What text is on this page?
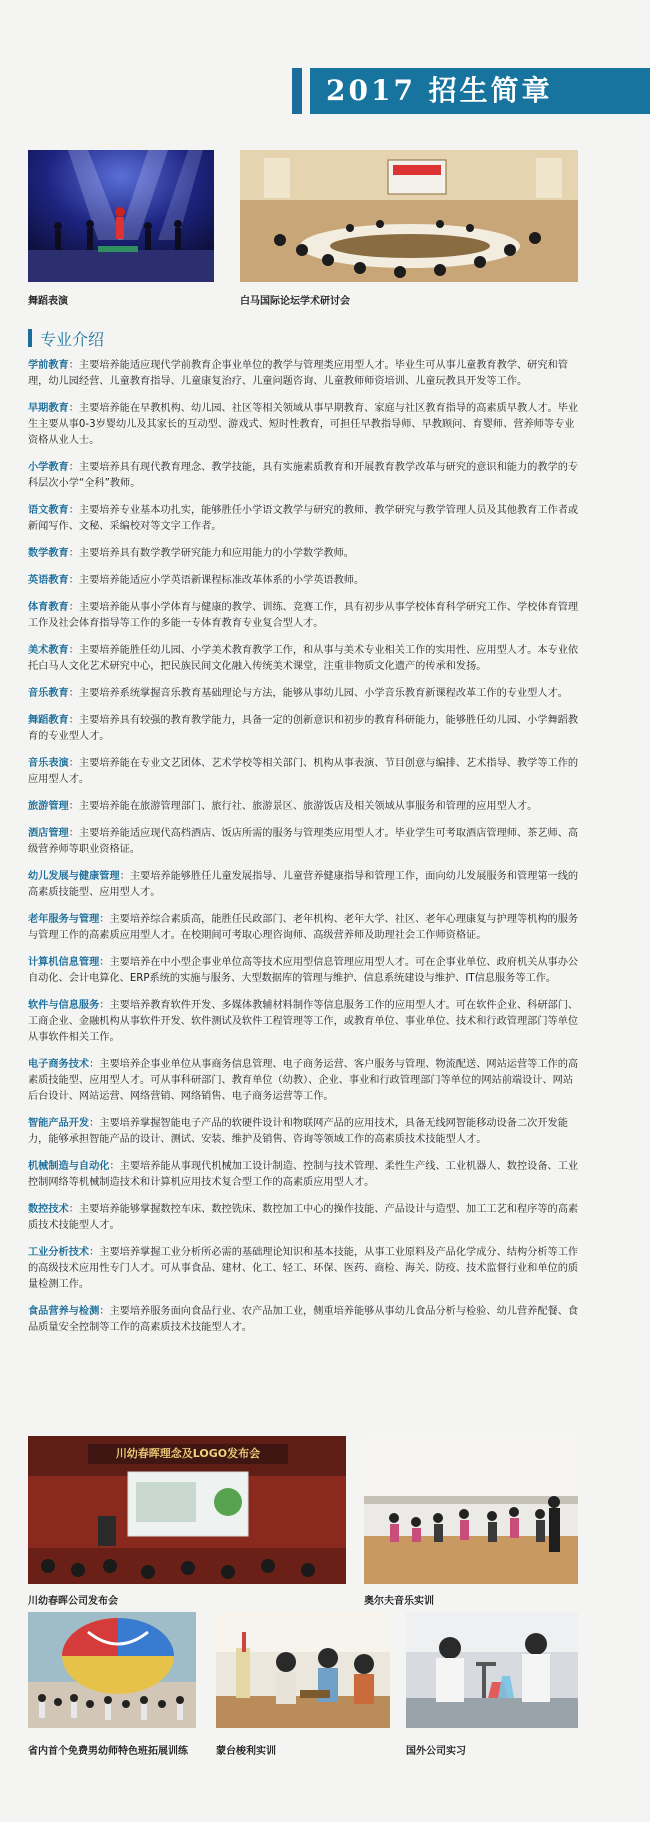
2017 招生简章
舞蹈表演	白马国际论坛学术研讨会
专业介绍
学前教育：主要培养能适应现代学前教育企事业单位的教学与管理类应用型人才。毕业生可从事儿童教育教学、研究和管理，幼儿园经营、儿童教育指导、儿童康复治疗、儿童问题咨询、儿童教师师资培训、儿童玩教具开发等工作。
早期教育：主要培养能在早教机构、幼儿园、社区等相关领域从事早期教育、家庭与社区教育指导的高素质早教人才。毕业生主要从事0-3岁婴幼儿及其家长的互动型、游戏式、短时性教育，可担任早教指导师、早教顾问、育婴师、营养师等专业资格从业人士。
小学教育：主要培养具有现代教育理念、教学技能，具有实施素质教育和开展教育教学改革与研究的意识和能力的教学的专科层次小学“全科”教师。
语文教育：主要培养专业基本功扎实，能够胜任小学语文教学与研究的教师、教学研究与教学管理人员及其他教育工作者或新闻写作、文秘、采编校对等文字工作者。
数学教育：主要培养具有数学教学研究能力和应用能力的小学数学教师。
英语教育：主要培养能适应小学英语新课程标准改革体系的小学英语教师。
体育教育：主要培养能从事小学体育与健康的教学、训练、竞赛工作，具有初步从事学校体育科学研究工作、学校体育管理工作及社会体育指导等工作的多能一专体育教育专业复合型人才。
美术教育：主要培养能胜任幼儿园、小学美术教育教学工作，和从事与美术专业相关工作的实用性、应用型人才。本专业依托白马人文化艺术研究中心，把民族民间文化融入传统美术课堂，注重非物质文化遗产的传承和发扬。
音乐教育：主要培养系统掌握音乐教育基础理论与方法，能够从事幼儿园、小学音乐教育新课程改革工作的专业型人才。
舞蹈教育：主要培养具有较强的教育教学能力，具备一定的创新意识和初步的教育科研能力，能够胜任幼儿园、小学舞蹈教育的专业型人才。
音乐表演：主要培养能在专业文艺团体、艺术学校等相关部门、机构从事表演、节目创意与编排、艺术指导、教学等工作的应用型人才。
旅游管理：主要培养能在旅游管理部门、旅行社、旅游景区、旅游饭店及相关领域从事服务和管理的应用型人才。
酒店管理：主要培养能适应现代高档酒店、饭店所需的服务与管理类应用型人才。毕业学生可考取酒店管理师、茶艺师、高级营养师等职业资格证。
幼儿发展与健康管理：主要培养能够胜任儿童发展指导、儿童营养健康指导和管理工作，面向幼儿发展服务和管理第一线的高素质技能型、应用型人才。
老年服务与管理：主要培养综合素质高，能胜任民政部门、老年机构、老年大学、社区、老年心理康复与护理等机构的服务与管理工作的高素质应用型人才。在校期间可考取心理咨询师、高级营养师及助理社会工作师资格证。
计算机信息管理：主要培养在中小型企事业单位高等技术应用型信息管理应用型人才。可在企事业单位、政府机关从事办公自动化、会计电算化、ERP系统的实施与服务、大型数据库的管理与维护、信息系统建设与维护、IT信息服务等工作。
软件与信息服务：主要培养教育软件开发、多媒体教辅材料制作等信息服务工作的应用型人才。可在软件企业、科研部门、工商企业、金融机构从事软件开发、软件测试及软件工程管理等工作，或教育单位、事业单位、技术和行政管理部门等单位从事软件相关工作。
电子商务技术：主要培养企事业单位从事商务信息管理、电子商务运营、客户服务与管理、物流配送、网站运营等工作的高素质技能型、应用型人才。可从事科研部门、教育单位（幼教）、企业、事业和行政管理部门等单位的网站前端设计、网站后台设计、网站运营、网络营销、网络销售、电子商务运营等工作。
智能产品开发：主要培养掌握智能电子产品的软硬件设计和物联网产品的应用技术，具备无线网智能移动设备二次开发能力，能够承担智能产品的设计、测试、安装、维护及销售、咨询等领域工作的高素质技术技能型人才。
机械制造与自动化：主要培养能从事现代机械加工设计制造、控制与技术管理、柔性生产线、工业机器人、数控设备、工业控制网络等机械制造技术和计算机应用技术复合型工作的高素质应用型人才。
数控技术：主要培养能够掌握数控车床、数控铣床、数控加工中心的操作技能、产品设计与造型、加工工艺和程序等的高素质技术技能型人才。
工业分析技术：主要培养掌握工业分析所必需的基础理论知识和基本技能，从事工业原料及产品化学成分、结构分析等工作的高级技术应用性专门人才。可从事食品、建材、化工、轻工、环保、医药、商检、海关、防疫、技术监督行业和单位的质量检测工作。
食品营养与检测：主要培养服务面向食品行业、农产品加工业，侧重培养能够从事幼儿食品分析与检验、幼儿营养配餐、食品质量安全控制等工作的高素质技术技能型人才。
川幼春晖理念及LOGO发布会
川幼春晖公司发布会	奥尔夫音乐实训
省内首个免费男幼师特色班拓展训练	蒙台梭利实训	国外公司实习
